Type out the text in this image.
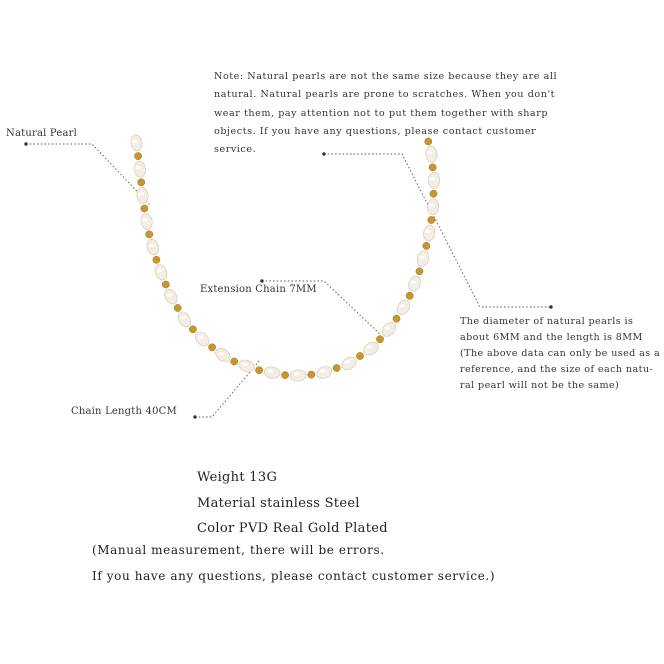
Note: Natural pearls are not the same size because they are all
natural. Natural pearls are prone to scratches. When you don't
wear them, pay attention not to put them together with sharp
objects. If you have any questions, please contact customer
service.
Natural Pearl
Extension Chain 7MM
Chain Length 40CM
The diameter of natural pearls is
about 6MM and the length is 8MM
(The above data can only be used as a
reference, and the size of each natu-
ral pearl will not be the same)
Weight 13G
Material stainless Steel
Color PVD Real Gold Plated
(Manual measurement, there will be errors.
If you have any questions, please contact customer service.)
